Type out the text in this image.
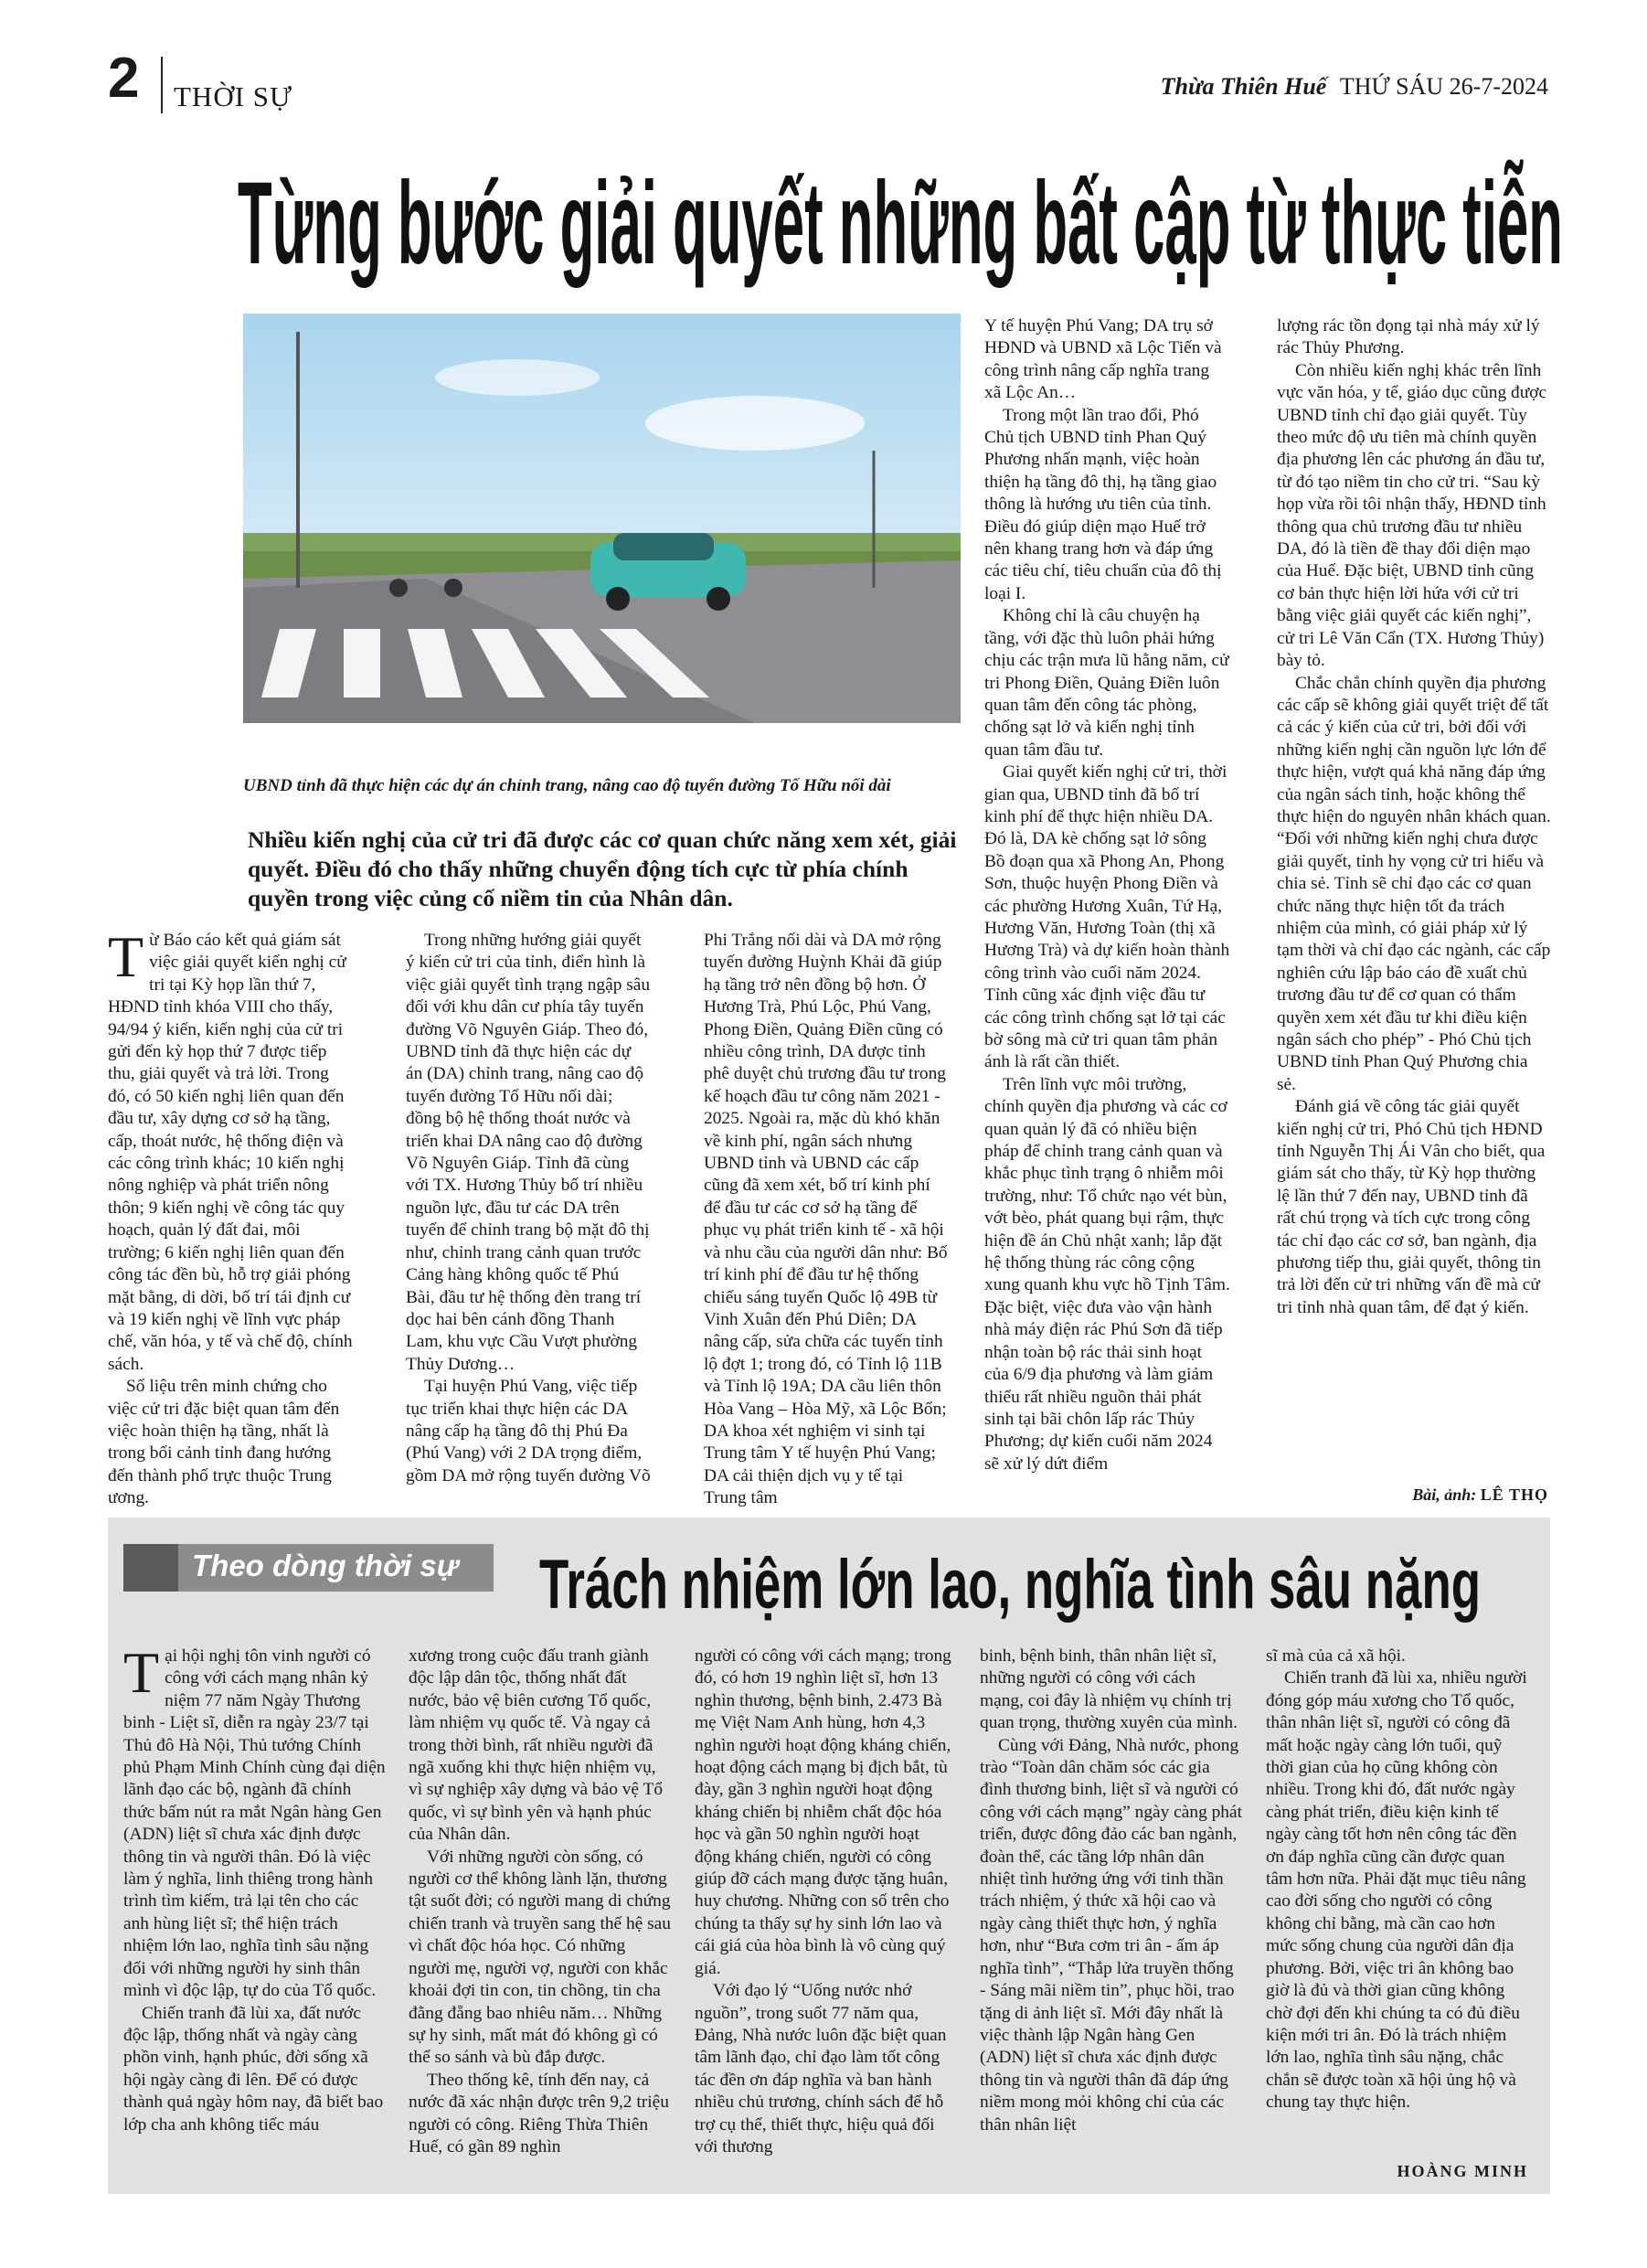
2 THỜI SỰ	Thừa Thiên Huế THỨ SÁU 26-7-2024
Từng bước giải quyết những bất cập từ thực tiễn
UBND tỉnh đã thực hiện các dự án chỉnh trang, nâng cao độ tuyến đường Tố Hữu nối dài
Nhiều kiến nghị của cử tri đã được các cơ quan chức năng xem xét, giải quyết. Điều đó cho thấy những chuyển động tích cực từ phía chính quyền trong việc củng cố niềm tin của Nhân dân.

Từ Báo cáo kết quả giám sát việc giải quyết kiến nghị cử tri tại Kỳ họp lần thứ 7, HĐND tỉnh khóa VIII cho thấy, 94/94 ý kiến, kiến nghị của cử tri gửi đến kỳ họp thứ 7 được tiếp thu, giải quyết và trả lời. Trong đó, có 50 kiến nghị liên quan đến đầu tư, xây dựng cơ sở hạ tầng, cấp, thoát nước, hệ thống điện và các công trình khác; 10 kiến nghị nông nghiệp và phát triển nông thôn; 9 kiến nghị về công tác quy hoạch, quản lý đất đai, môi trường; 6 kiến nghị liên quan đến công tác đền bù, hỗ trợ giải phóng mặt bằng, di dời, bố trí tái định cư và 19 kiến nghị về lĩnh vực pháp chế, văn hóa, y tế và chế độ, chính sách.

Số liệu trên minh chứng cho việc cử tri đặc biệt quan tâm đến việc hoàn thiện hạ tầng, nhất là trong bối cảnh tỉnh đang hướng đến thành phố trực thuộc Trung ương.

Trong những hướng giải quyết ý kiến cử tri của tỉnh, điển hình là việc giải quyết tình trạng ngập sâu đối với khu dân cư phía tây tuyến đường Võ Nguyên Giáp. Theo đó, UBND tỉnh đã thực hiện các dự án (DA) chỉnh trang, nâng cao độ tuyến đường Tố Hữu nối dài; đồng bộ hệ thống thoát nước và triển khai DA nâng cao độ đường Võ Nguyên Giáp. Tỉnh đã cùng với TX. Hương Thủy bố trí nhiều nguồn lực, đầu tư các DA trên tuyến để chỉnh trang bộ mặt đô thị như, chỉnh trang cảnh quan trước Cảng hàng không quốc tế Phú Bài, đầu tư hệ thống đèn trang trí dọc hai bên cánh đồng Thanh Lam, khu vực Cầu Vượt phường Thủy Dương…

Tại huyện Phú Vang, việc tiếp tục triển khai thực hiện các DA nâng cấp hạ tầng đô thị Phú Đa (Phú Vang) với 2 DA trọng điểm, gồm DA mở rộng tuyến đường Võ

Phi Trắng nối dài và DA mở rộng tuyến đường Huỳnh Khải đã giúp hạ tầng trở nên đồng bộ hơn. Ở Hương Trà, Phú Lộc, Phú Vang, Phong Điền, Quảng Điền cũng có nhiều công trình, DA được tỉnh phê duyệt chủ trương đầu tư trong kế hoạch đầu tư công năm 2021 - 2025. Ngoài ra, mặc dù khó khăn về kinh phí, ngân sách nhưng UBND tỉnh và UBND các cấp cũng đã xem xét, bố trí kinh phí để đầu tư các cơ sở hạ tầng để phục vụ phát triển kinh tế - xã hội và nhu cầu của người dân như: Bố trí kinh phí để đầu tư hệ thống chiếu sáng tuyến Quốc lộ 49B từ Vinh Xuân đến Phú Diên; DA nâng cấp, sửa chữa các tuyến tỉnh lộ đợt 1; trong đó, có Tỉnh lộ 11B và Tỉnh lộ 19A; DA cầu liên thôn Hòa Vang – Hòa Mỹ, xã Lộc Bổn; DA khoa xét nghiệm vi sinh tại Trung tâm Y tế huyện Phú Vang; DA cải thiện dịch vụ y tế tại Trung tâm

Y tế huyện Phú Vang; DA trụ sở HĐND và UBND xã Lộc Tiến và công trình nâng cấp nghĩa trang xã Lộc An…

Trong một lần trao đổi, Phó Chủ tịch UBND tỉnh Phan Quý Phương nhấn mạnh, việc hoàn thiện hạ tầng đô thị, hạ tầng giao thông là hướng ưu tiên của tỉnh. Điều đó giúp diện mạo Huế trở nên khang trang hơn và đáp ứng các tiêu chí, tiêu chuẩn của đô thị loại I.

Không chỉ là câu chuyện hạ tầng, với đặc thù luôn phải hứng chịu các trận mưa lũ hằng năm, cử tri Phong Điền, Quảng Điền luôn quan tâm đến công tác phòng, chống sạt lở và kiến nghị tỉnh quan tâm đầu tư.

Giai quyết kiến nghị cử tri, thời gian qua, UBND tỉnh đã bố trí kinh phí để thực hiện nhiều DA. Đó là, DA kè chống sạt lở sông Bồ đoạn qua xã Phong An, Phong Sơn, thuộc huyện Phong Điền và các phường Hương Xuân, Tứ Hạ, Hương Văn, Hương Toàn (thị xã Hương Trà) và dự kiến hoàn thành công trình vào cuối năm 2024. Tỉnh cũng xác định việc đầu tư các công trình chống sạt lở tại các bờ sông mà cử tri quan tâm phản ánh là rất cần thiết.

Trên lĩnh vực môi trường, chính quyền địa phương và các cơ quan quản lý đã có nhiều biện pháp để chỉnh trang cảnh quan và khắc phục tình trạng ô nhiễm môi trường, như: Tổ chức nạo vét bùn, vớt bèo, phát quang bụi rậm, thực hiện đề án Chủ nhật xanh; lắp đặt hệ thống thùng rác công cộng xung quanh khu vực hồ Tịnh Tâm. Đặc biệt, việc đưa vào vận hành nhà máy điện rác Phú Sơn đã tiếp nhận toàn bộ rác thải sinh hoạt của 6/9 địa phương và làm giảm thiểu rất nhiều nguồn thải phát sinh tại bãi chôn lấp rác Thủy Phương; dự kiến cuối năm 2024 sẽ xử lý dứt điểm

lượng rác tồn đọng tại nhà máy xử lý rác Thủy Phương.

Còn nhiều kiến nghị khác trên lĩnh vực văn hóa, y tế, giáo dục cũng được UBND tỉnh chỉ đạo giải quyết. Tùy theo mức độ ưu tiên mà chính quyền địa phương lên các phương án đầu tư, từ đó tạo niềm tin cho cử tri. “Sau kỳ họp vừa rồi tôi nhận thấy, HĐND tỉnh thông qua chủ trương đầu tư nhiều DA, đó là tiền đề thay đổi diện mạo của Huế. Đặc biệt, UBND tỉnh cũng cơ bản thực hiện lời hứa với cử tri bằng việc giải quyết các kiến nghị”, cử tri Lê Văn Cẩn (TX. Hương Thủy) bày tỏ.

Chắc chắn chính quyền địa phương các cấp sẽ không giải quyết triệt để tất cả các ý kiến của cử tri, bởi đối với những kiến nghị cần nguồn lực lớn để thực hiện, vượt quá khả năng đáp ứng của ngân sách tỉnh, hoặc không thể thực hiện do nguyên nhân khách quan. “Đối với những kiến nghị chưa được giải quyết, tỉnh hy vọng cử tri hiểu và chia sẻ. Tỉnh sẽ chỉ đạo các cơ quan chức năng thực hiện tốt đa trách nhiệm của mình, có giải pháp xử lý tạm thời và chỉ đạo các ngành, các cấp nghiên cứu lập báo cáo đề xuất chủ trương đầu tư để cơ quan có thẩm quyền xem xét đầu tư khi điều kiện ngân sách cho phép” - Phó Chủ tịch UBND tỉnh Phan Quý Phương chia sẻ.

Đánh giá về công tác giải quyết kiến nghị cử tri, Phó Chủ tịch HĐND tỉnh Nguyễn Thị Ái Vân cho biết, qua giám sát cho thấy, từ Kỳ họp thường lệ lần thứ 7 đến nay, UBND tỉnh đã rất chú trọng và tích cực trong công tác chỉ đạo các cơ sở, ban ngành, địa phương tiếp thu, giải quyết, thông tin trả lời đến cử tri những vấn đề mà cử tri tỉnh nhà quan tâm, để đạt ý kiến.

Bài, ảnh: LÊ THỌ
Theo dòng thời sự Trách nhiệm lớn lao, nghĩa tình sâu nặng

Tại hội nghị tôn vinh người có công với cách mạng nhân kỷ niệm 77 năm Ngày Thương binh - Liệt sĩ, diễn ra ngày 23/7 tại Thủ đô Hà Nội, Thủ tướng Chính phủ Phạm Minh Chính cùng đại diện lãnh đạo các bộ, ngành đã chính thức bấm nút ra mắt Ngân hàng Gen (ADN) liệt sĩ chưa xác định được thông tin và người thân. Đó là việc làm ý nghĩa, linh thiêng trong hành trình tìm kiếm, trả lại tên cho các anh hùng liệt sĩ; thể hiện trách nhiệm lớn lao, nghĩa tình sâu nặng đối với những người hy sinh thân mình vì độc lập, tự do của Tổ quốc.

Chiến tranh đã lùi xa, đất nước độc lập, thống nhất và ngày càng phồn vinh, hạnh phúc, đời sống xã hội ngày càng đi lên. Để có được thành quả ngày hôm nay, đã biết bao lớp cha anh không tiếc máu

xương trong cuộc đấu tranh giành độc lập dân tộc, thống nhất đất nước, bảo vệ biên cương Tổ quốc, làm nhiệm vụ quốc tế. Và ngay cả trong thời bình, rất nhiều người đã ngã xuống khi thực hiện nhiệm vụ, vì sự nghiệp xây dựng và bảo vệ Tổ quốc, vì sự bình yên và hạnh phúc của Nhân dân.

Với những người còn sống, có người cơ thể không lành lặn, thương tật suốt đời; có người mang di chứng chiến tranh và truyền sang thế hệ sau vì chất độc hóa học. Có những người mẹ, người vợ, người con khắc khoải đợi tin con, tin chồng, tin cha đằng đẵng bao nhiêu năm… Những sự hy sinh, mất mát đó không gì có thể so sánh và bù đắp được.

Theo thống kê, tính đến nay, cả nước đã xác nhận được trên 9,2 triệu người có công. Riêng Thừa Thiên Huế, có gần 89 nghìn

người có công với cách mạng; trong đó, có hơn 19 nghìn liệt sĩ, hơn 13 nghìn thương, bệnh binh, 2.473 Bà mẹ Việt Nam Anh hùng, hơn 4,3 nghìn người hoạt động kháng chiến, hoạt động cách mạng bị địch bắt, tù đày, gần 3 nghìn người hoạt động kháng chiến bị nhiễm chất độc hóa học và gần 50 nghìn người hoạt động kháng chiến, người có công giúp đỡ cách mạng được tặng huân, huy chương. Những con số trên cho chúng ta thấy sự hy sinh lớn lao và cái giá của hòa bình là vô cùng quý giá.

Với đạo lý “Uống nước nhớ nguồn”, trong suốt 77 năm qua, Đảng, Nhà nước luôn đặc biệt quan tâm lãnh đạo, chỉ đạo làm tốt công tác đền ơn đáp nghĩa và ban hành nhiều chủ trương, chính sách để hỗ trợ cụ thể, thiết thực, hiệu quả đối với thương

binh, bệnh binh, thân nhân liệt sĩ, những người có công với cách mạng, coi đây là nhiệm vụ chính trị quan trọng, thường xuyên của mình.

Cùng với Đảng, Nhà nước, phong trào “Toàn dân chăm sóc các gia đình thương binh, liệt sĩ và người có công với cách mạng” ngày càng phát triển, được đông đảo các ban ngành, đoàn thể, các tầng lớp nhân dân nhiệt tình hưởng ứng với tinh thần trách nhiệm, ý thức xã hội cao và ngày càng thiết thực hơn, ý nghĩa hơn, như “Bưa cơm tri ân - ấm áp nghĩa tình”, “Thắp lửa truyền thống - Sáng mãi niềm tin”, phục hồi, trao tặng di ảnh liệt sĩ. Mới đây nhất là việc thành lập Ngân hàng Gen (ADN) liệt sĩ chưa xác định được thông tin và người thân đã đáp ứng niềm mong mỏi không chỉ của các thân nhân liệt

sĩ mà của cả xã hội.

Chiến tranh đã lùi xa, nhiều người đóng góp máu xương cho Tổ quốc, thân nhân liệt sĩ, người có công đã mất hoặc ngày càng lớn tuổi, quỹ thời gian của họ cũng không còn nhiều. Trong khi đó, đất nước ngày càng phát triển, điều kiện kinh tế ngày càng tốt hơn nên công tác đền ơn đáp nghĩa cũng cần được quan tâm hơn nữa. Phải đặt mục tiêu nâng cao đời sống cho người có công không chỉ bằng, mà cần cao hơn mức sống chung của người dân địa phương. Bởi, việc tri ân không bao giờ là đủ và thời gian cũng không chờ đợi đến khi chúng ta có đủ điều kiện mới tri ân. Đó là trách nhiệm lớn lao, nghĩa tình sâu nặng, chắc chắn sẽ được toàn xã hội ủng hộ và chung tay thực hiện.

HOÀNG MINH
